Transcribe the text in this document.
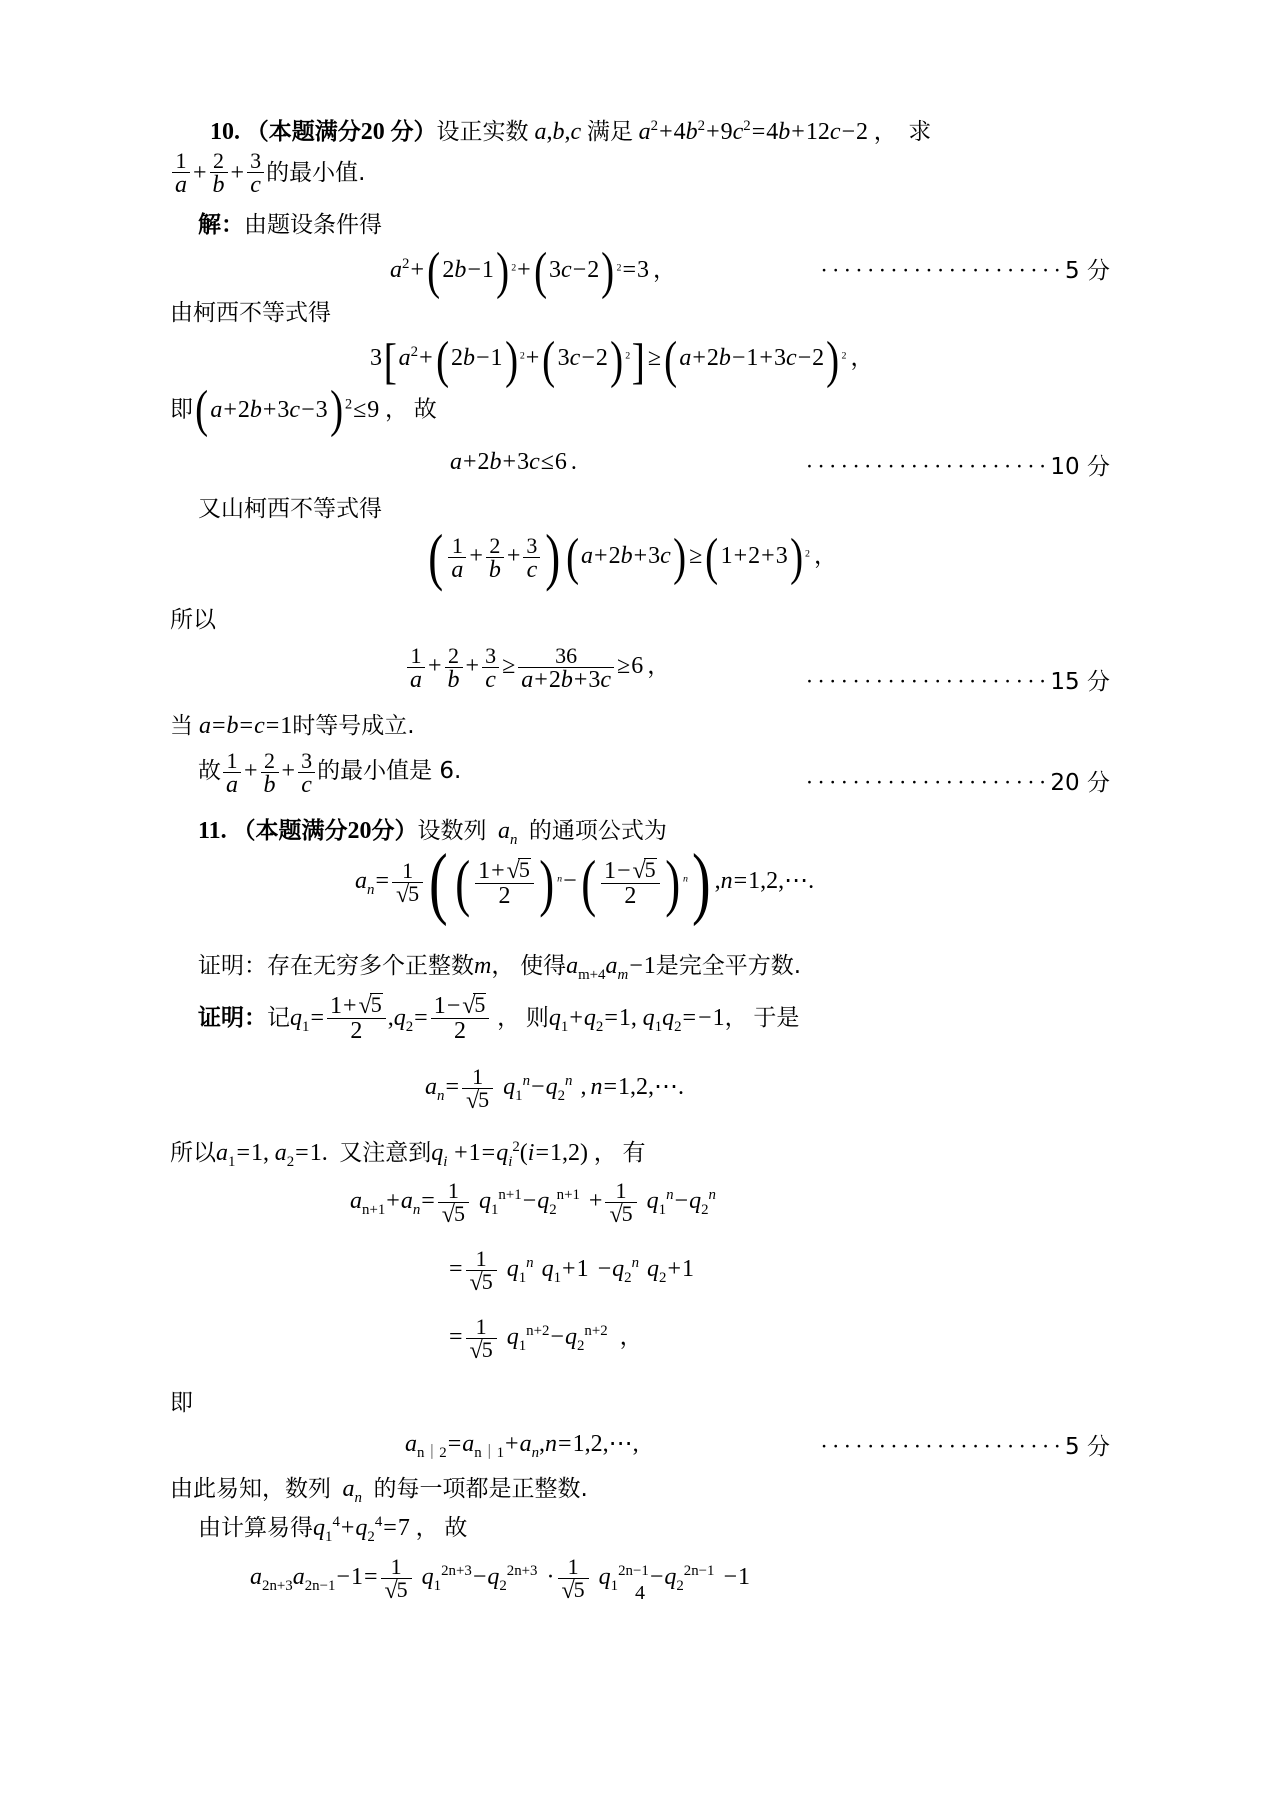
10. （本题满分20 分）设正实数 a,b,c 满足 $a^2+4b^2+9c^2=4b+12c-2$ ， 求
$\frac{1}{a} + \frac{2}{b} + \frac{3}{c}$ 的最小值.
解：由题设条件得
$a^2+(2b-1)$ $^2$+(3c−2) $^2$=3 ，	·····················5 分
由柯西不等式得
$3[a^2+(2b-1)$ $^2$+(3c−2) $^2$] ≥(a+2b−1+3c−2) $^2$ ，
即(a+2b+3c−3) $^2$≤9 ， 故
a+2b+3c≤6 .	·····················10 分
又山柯西不等式得
( $\frac{1}{a} + \frac{2}{b} + \frac{3}{c}$ ) (a+2b+3c) ≥(1+2+3) $^2$ ，
所以
$\frac{1}{a} + \frac{2}{b} + \frac{3}{c} \ge \frac{36}{a+2b+3c} \ge 6$ ，
·····················15 分
当 a=b=c=1时等号成立.
故 $\frac{1}{a} + \frac{2}{b} + \frac{3}{c}$ 的最小值是 6.	·····················20 分
11. （本题满分20分）设数列 $a_n$ 的通项公式为
$a_n= \frac{1}{√5}$ ( ( $\frac{1+√5}{2}$ ) $^n-( \frac{1-√5}{2}$ ) $^n$) ,n=1,2,⋯.
证明：存在无穷多个正整数m， 使得$a_{m+4}a_m-1$是完全平方数.
证明：记$q_1= \frac{1+√5}{2} ,q_2= \frac{1-√5}{2}$ ， 则$q_1+q_2=1$, $q_1q_2=-1$， 于是
$a_n= \frac{1}{√5} q_1^n-q_2^n$ , n=1,2,⋯.
所以$a_1=1$, $a_2=1$. 又注意到$q_i +1=q_i^2(i=1,2)$ ， 有
$a_{n+1}+a_n= \frac{1}{√5} q_1^{n+1}-q_2^{n+1} + \frac{1}{√5} q_1^n-q_2^n$
= $\frac{1}{√5} q_1^n$ $q_1+1 -q_2^n$ $q_2+1$
= $\frac{1}{√5} q_1^{n+2}-q_2^{n+2}$ ，
即
$a_{n|2}=a_{n|1}+a_n,n=1,2,\cdots$,	·····················5 分
由此易知，数列 $a_n$ 的每一项都是正整数.
由计算易得$q_1^4+q_2^4=7$ ， 故
$a_{2n+3}a_{2n-1}-1= \frac{1}{√5} q_1^{2n+3}-q_2^{2n+3} \cdot \frac{1}{√5} q_1^{2n-1}-q_2^{2n-1} -1$
4
